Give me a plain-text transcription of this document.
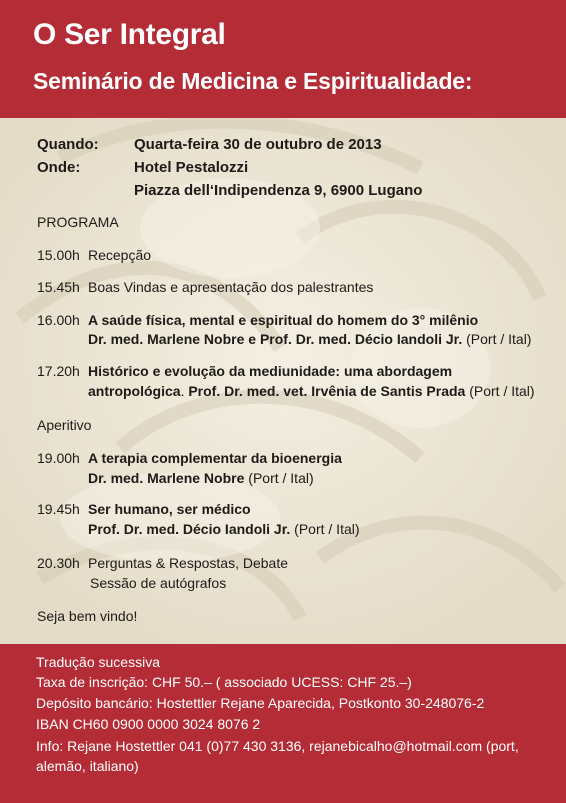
O Ser Integral
Seminário de Medicina e Espiritualidade:
Quando: Quarta-feira 30 de outubro de 2013
Onde:	Hotel Pestalozzi
Piazza dell‘Indipendenza 9, 6900 Lugano
PROGRAMA
15.00h Recepção
15.45h Boas Vindas e apresentação dos palestrantes
16.00h A saúde física, mental e espiritual do homem do 3° milênio
Dr. med. Marlene Nobre e Prof. Dr. med. Décio Iandoli Jr. (Port / Ital)
17.20h Histórico e evolução da mediunidade: uma abordagem
antropológica. Prof. Dr. med. vet. Irvênia de Santis Prada (Port / Ital)
Aperitivo
19.00h A terapia complementar da bioenergia
Dr. med. Marlene Nobre (Port / Ital)
19.45h Ser humano, ser médico
Prof. Dr. med. Décio Iandoli Jr. (Port / Ital)
20.30h Perguntas & Respostas, Debate
Sessão de autógrafos
Seja bem vindo!
Tradução sucessiva
Taxa de inscrição: CHF 50.– ( associado UCESS: CHF 25.–)
Depósito bancário: Hostettler Rejane Aparecida, Postkonto 30-248076-2
IBAN CH60 0900 0000 3024 8076 2
Info: Rejane Hostettler 041 (0)77 430 3136, rejanebicalho@hotmail.com (port,
alemão, italiano)
